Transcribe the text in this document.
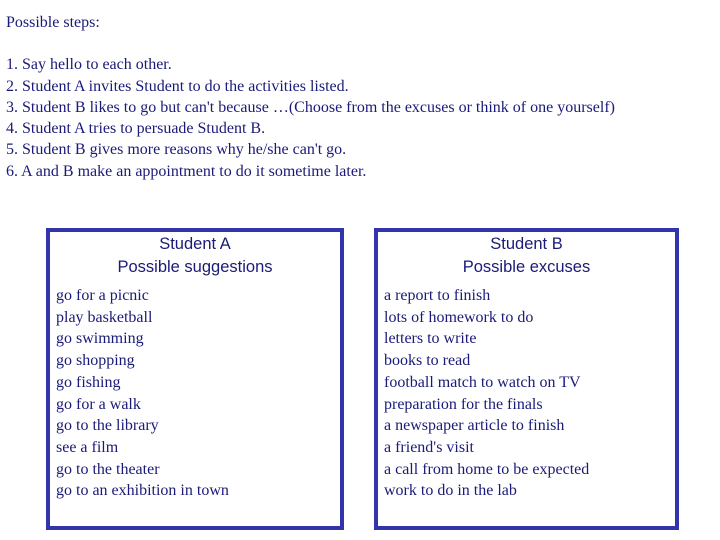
Possible steps:
1. Say hello to each other.
2. Student A invites Student to do the activities listed.
3. Student B likes to go but can't because …(Choose from the excuses or think of one yourself)
4. Student A tries to persuade Student B.
5. Student B gives more reasons why he/she can't go.
6. A and B make an appointment to do it sometime later.
Student A
Possible suggestions
go for a picnic
play basketball
go swimming
go shopping
go fishing
go for a walk
go to the library
see a film
go to the theater
go to an exhibition in town
Student B
Possible excuses
a report to finish
lots of homework to do
letters to write
books to read
football match to watch on TV
preparation for the finals
a newspaper article to finish
a friend's visit
a call from home to be expected
work to do in the lab
